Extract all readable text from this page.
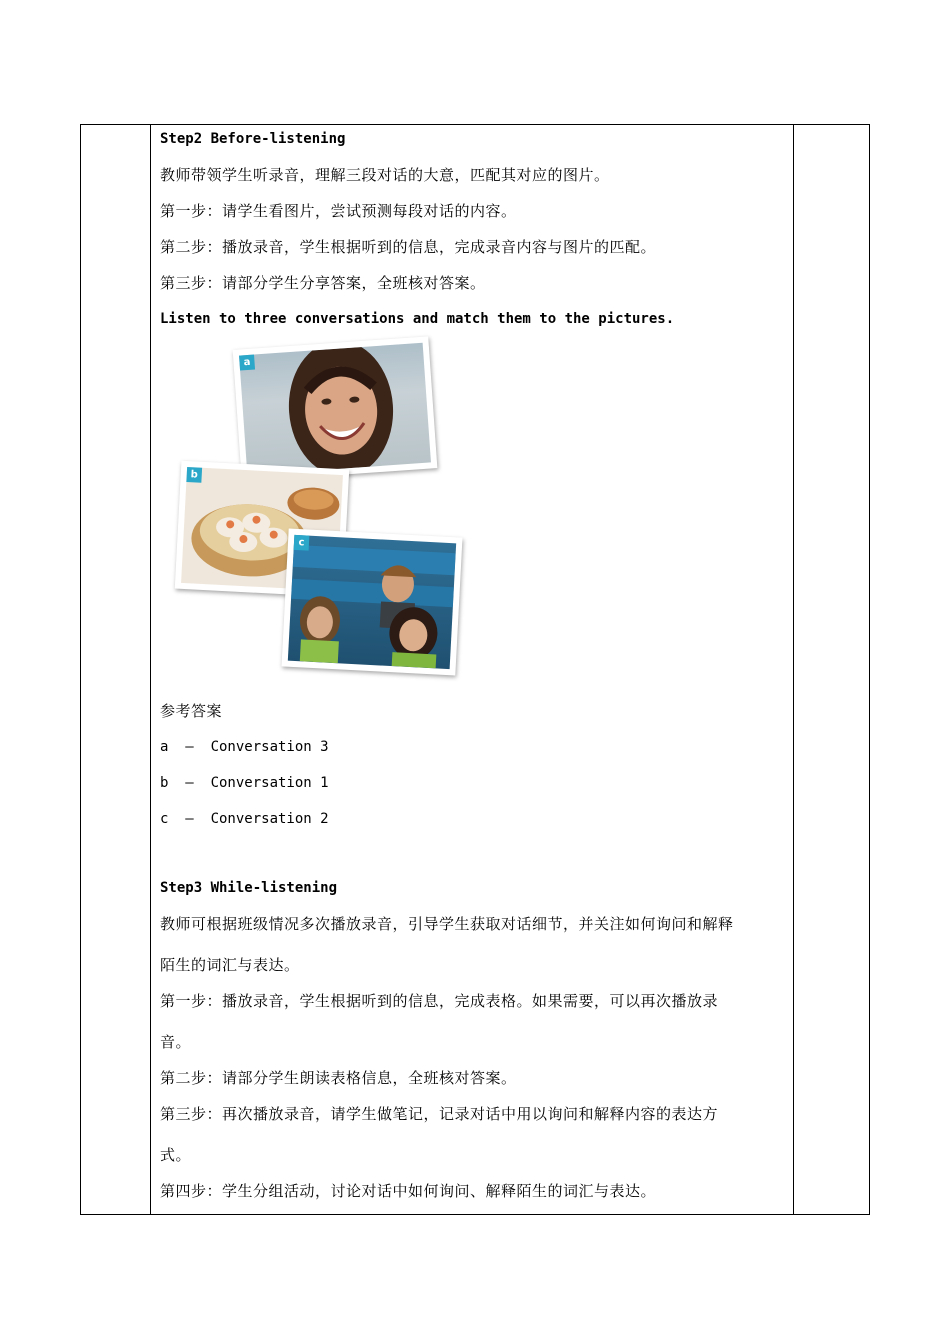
Step2 Before-listening
教师带领学生听录音，理解三段对话的大意，匹配其对应的图片。
第一步：请学生看图片，尝试预测每段对话的内容。
第二步：播放录音，学生根据听到的信息，完成录音内容与图片的匹配。
第三步：请部分学生分享答案，全班核对答案。
Listen to three conversations and match them to the pictures.
a
b
c
参考答案
a  –  Conversation 3
b  –  Conversation 1
c  –  Conversation 2
Step3 While-listening
教师可根据班级情况多次播放录音，引导学生获取对话细节，并关注如何询问和解释
陌生的词汇与表达。
第一步：播放录音，学生根据听到的信息，完成表格。如果需要，可以再次播放录
音。
第二步：请部分学生朗读表格信息，全班核对答案。
第三步：再次播放录音，请学生做笔记，记录对话中用以询问和解释内容的表达方
式。
第四步：学生分组活动，讨论对话中如何询问、解释陌生的词汇与表达。
